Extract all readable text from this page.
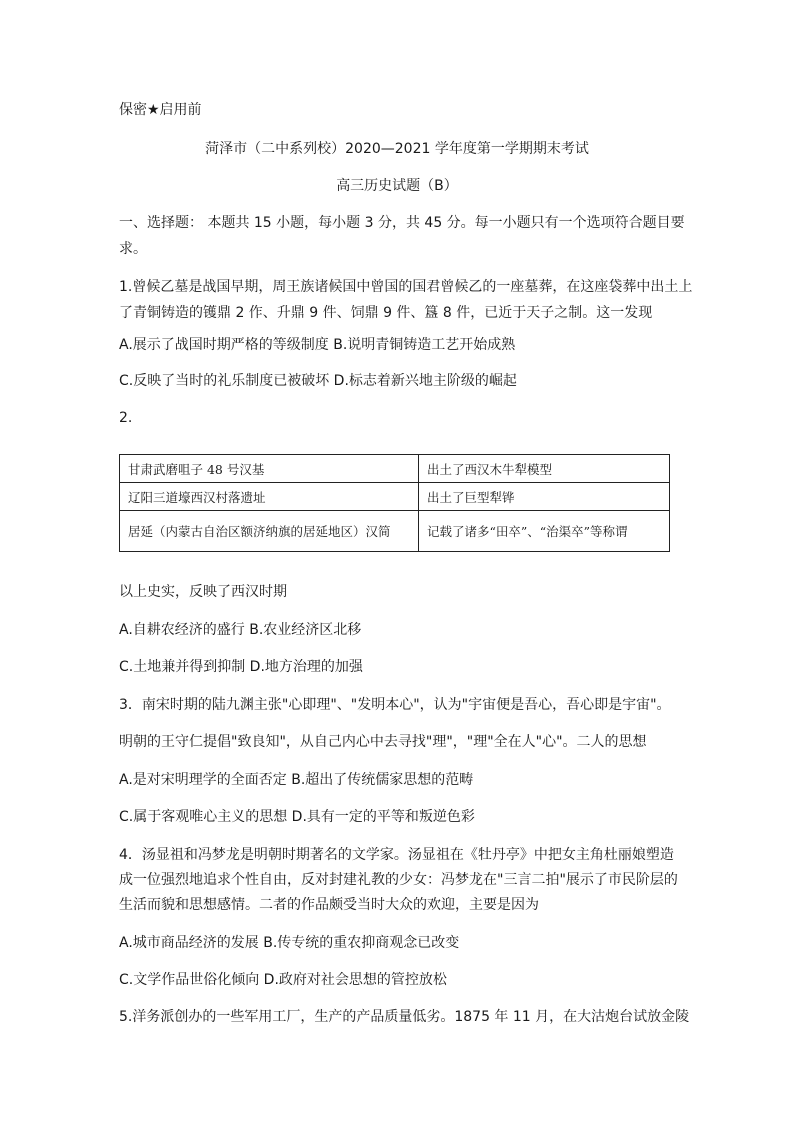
保密★启用前
菏泽市（二中系列校）2020—2021 学年度第一学期期末考试
高三历史试题（B）
一、选择题： 本题共 15 小题，每小题 3 分，共 45 分。每一小题只有一个选项符合题目要
求。
1.曾候乙墓是战国早期，周王族诸候国中曾国的国君曾候乙的一座墓葬，在这座袋葬中出土上
了青铜铸造的镬鼎 2 作、升鼎 9 件、饲鼎 9 件、簋 8 件，已近于天子之制。这一发现
A.展示了战国时期严格的等级制度 B.说明青铜铸造工艺开始成熟
C.反映了当时的礼乐制度已被破坏 D.标志着新兴地主阶级的崛起
2.
甘肃武磨咀子 48 号汉基	出土了西汉木牛犁模型
辽阳三道壕西汉村落遗址	出土了巨型犁铧
居延（内蒙古自治区额济纳旗的居延地区）汉简	记载了诸多“田卒”、“治渠卒”等称谓
以上史实，反映了西汉时期
A.自耕农经济的盛行 B.农业经济区北移
C.土地兼并得到抑制 D.地方治理的加强
3．南宋时期的陆九渊主张"心即理"、"发明本心"，认为"宇宙便是吾心，吾心即是宇宙"。
明朝的王守仁提倡"致良知"，从自己内心中去寻找"理"，"理"全在人"心"。二人的思想
A.是对宋明理学的全面否定 B.超出了传统儒家思想的范畴
C.属于客观唯心主义的思想 D.具有一定的平等和叛逆色彩
4．汤显祖和冯梦龙是明朝时期著名的文学家。汤显祖在《牡丹亭》中把女主角杜丽娘塑造
成一位强烈地追求个性自由，反对封建礼教的少女：冯梦龙在"三言二拍"展示了市民阶层的
生活而貌和思想感情。二者的作品颇受当时大众的欢迎，主要是因为
A.城市商品经济的发展 B.传专统的重农抑商观念已改变
C.文学作品世俗化倾向 D.政府对社会思想的管控放松
5.洋务派创办的一些军用工厂，生产的产品质量低劣。1875 年 11 月，在大沽炮台试放金陵
